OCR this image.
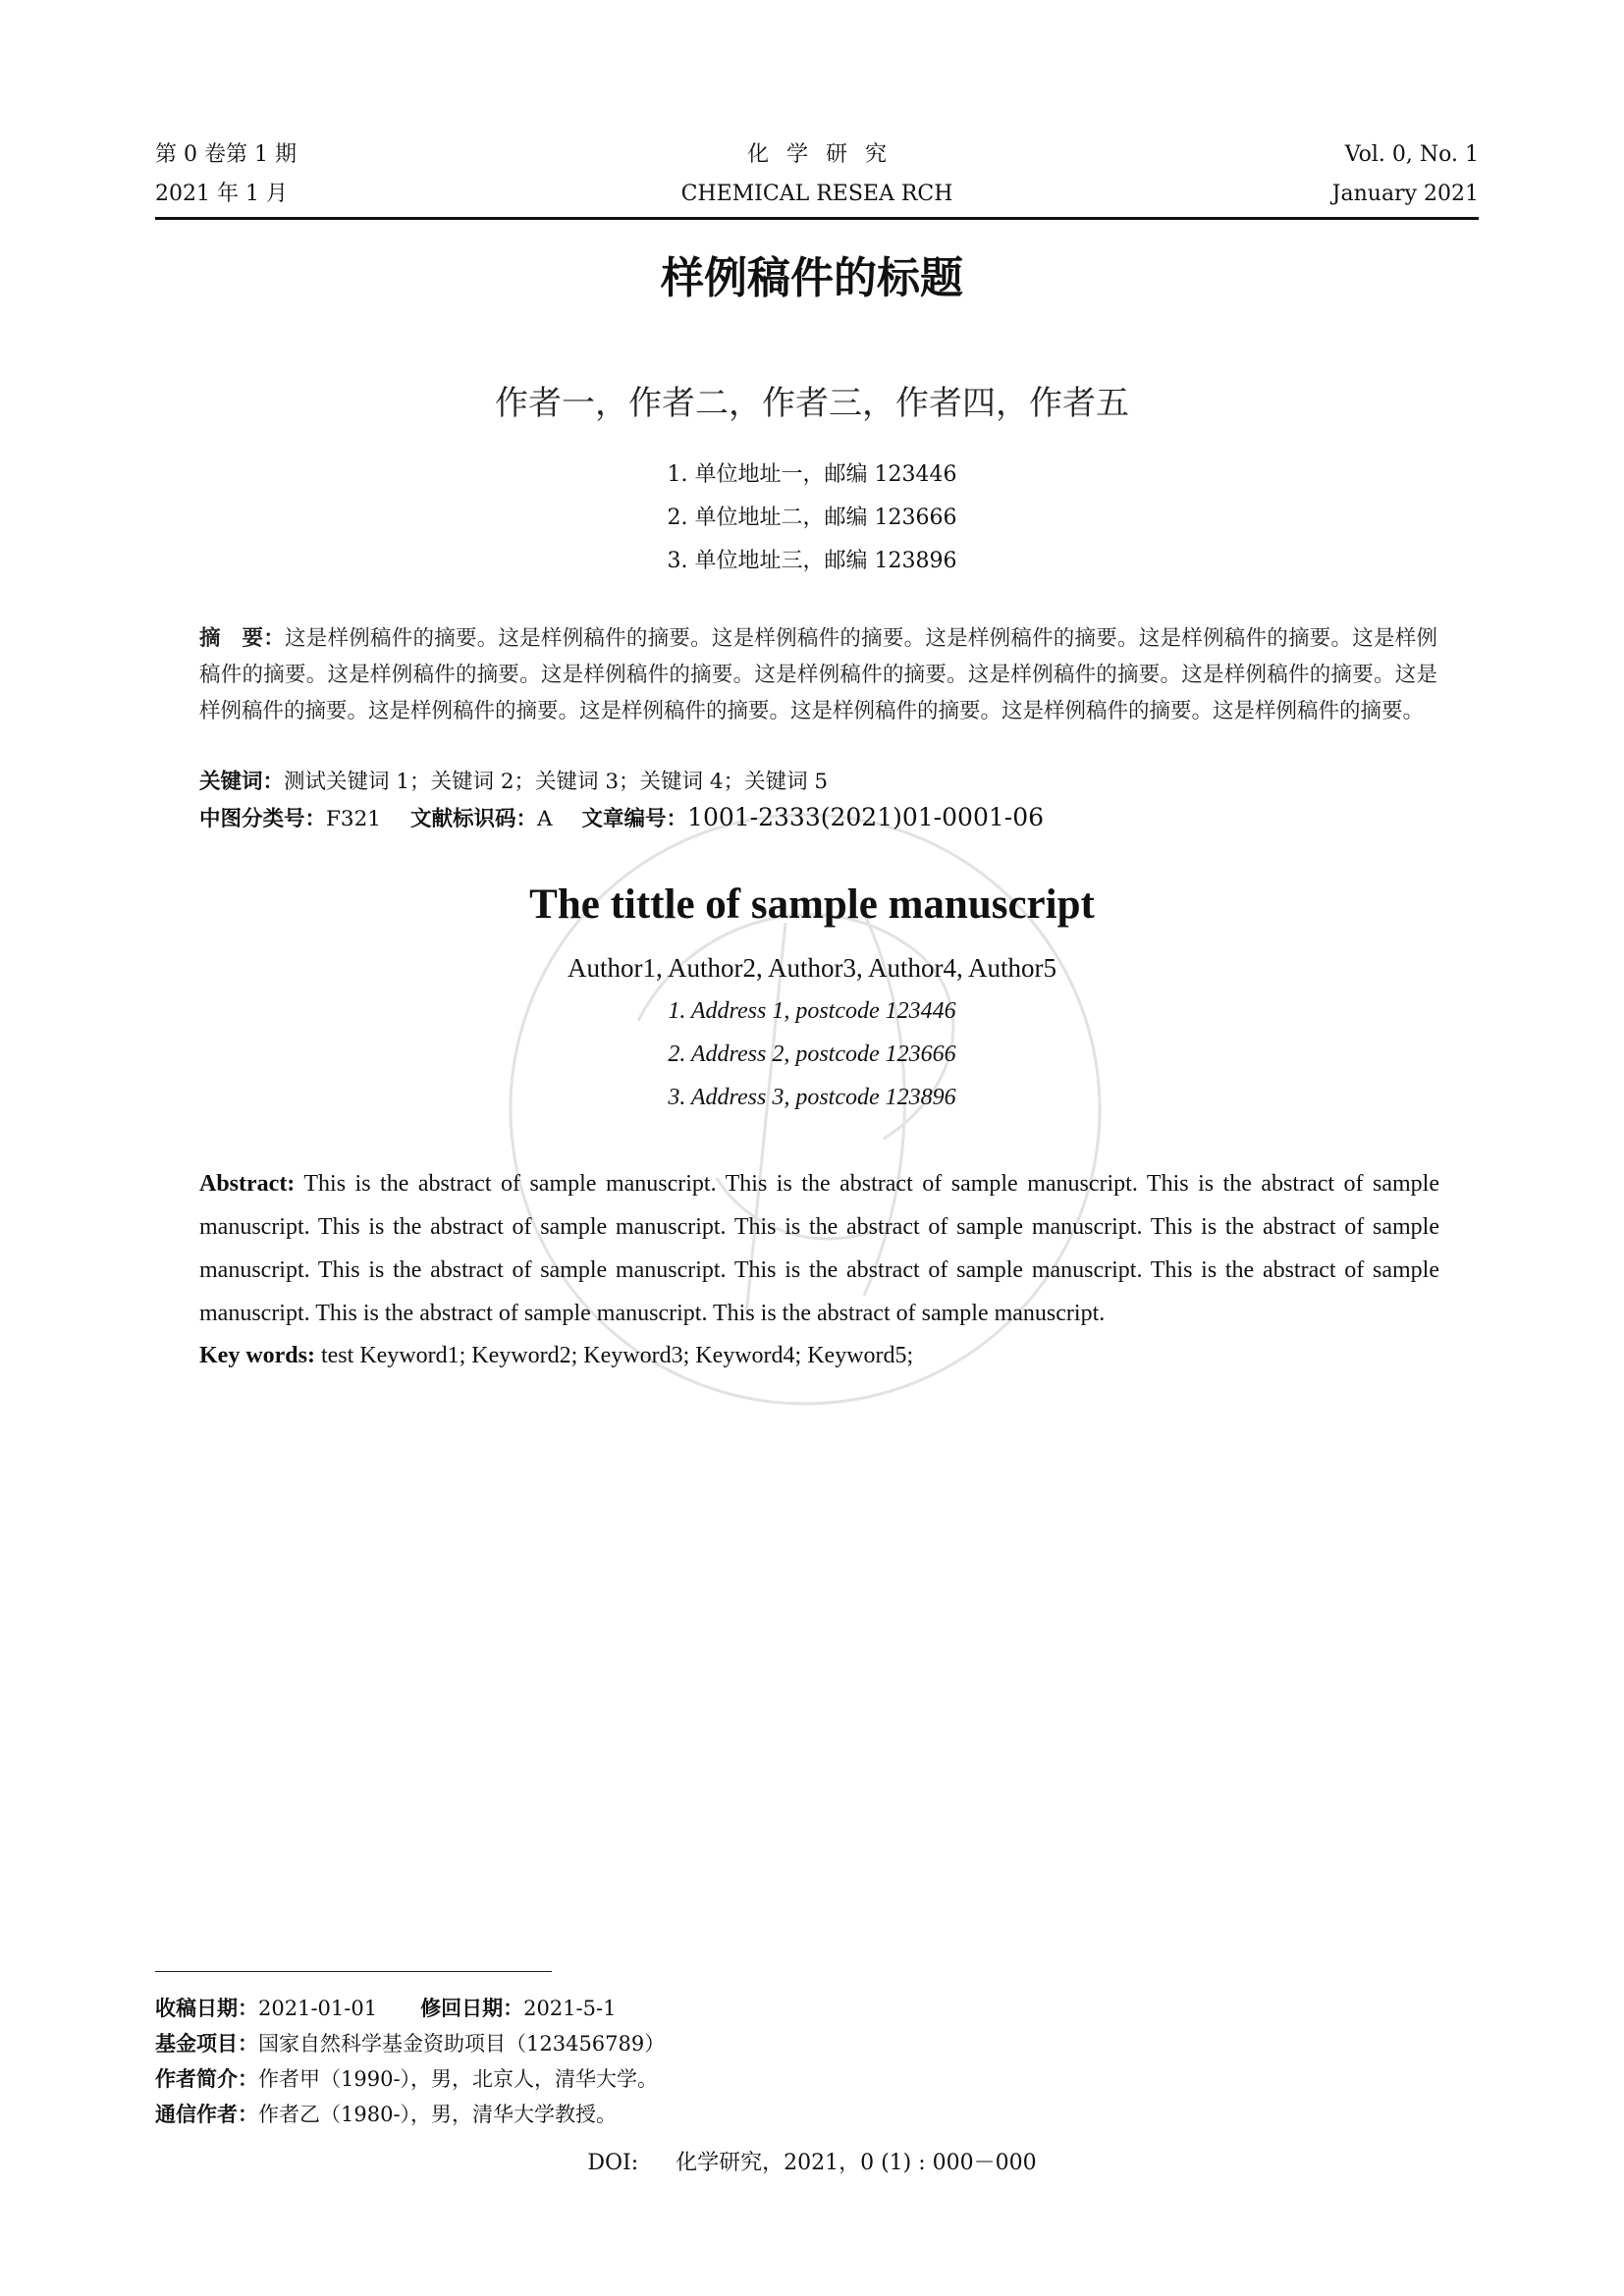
第 0 卷第 1 期	化学研究	Vol. 0, No. 1
2021 年 1 月	CHEMICAL RESEA RCH	January 2021
样例稿件的标题
作者一，作者二，作者三，作者四，作者五
1. 单位地址一，邮编 123446
2. 单位地址二，邮编 123666
3. 单位地址三，邮编 123896
摘　要：这是样例稿件的摘要。这是样例稿件的摘要。这是样例稿件的摘要。这是样例稿件的摘要。这是样例稿件的摘要。这是样例稿件的摘要。这是样例稿件的摘要。这是样例稿件的摘要。这是样例稿件的摘要。这是样例稿件的摘要。这是样例稿件的摘要。这是样例稿件的摘要。这是样例稿件的摘要。这是样例稿件的摘要。这是样例稿件的摘要。这是样例稿件的摘要。这是样例稿件的摘要。
关键词：测试关键词 1；关键词 2；关键词 3；关键词 4；关键词 5
中图分类号：F321 文献标识码：A 文章编号：1001-2333(2021)01-0001-06
The tittle of sample manuscript
Author1, Author2, Author3, Author4, Author5
1. Address 1, postcode 123446
2. Address 2, postcode 123666
3. Address 3, postcode 123896
Abstract: This is the abstract of sample manuscript. This is the abstract of sample manuscript. This is the abstract of sample manuscript. This is the abstract of sample manuscript. This is the abstract of sample manuscript. This is the abstract of sample manuscript. This is the abstract of sample manuscript. This is the abstract of sample manuscript. This is the abstract of sample manuscript. This is the abstract of sample manuscript. This is the abstract of sample manuscript.
Key words: test Keyword1; Keyword2; Keyword3; Keyword4; Keyword5;
收稿日期：2021-01-01 修回日期：2021-5-1
基金项目：国家自然科学基金资助项目（123456789）
作者简介：作者甲（1990-），男，北京人，清华大学。
通信作者：作者乙（1980-），男，清华大学教授。
DOI: 化学研究，2021，0 (1) : 000－000
